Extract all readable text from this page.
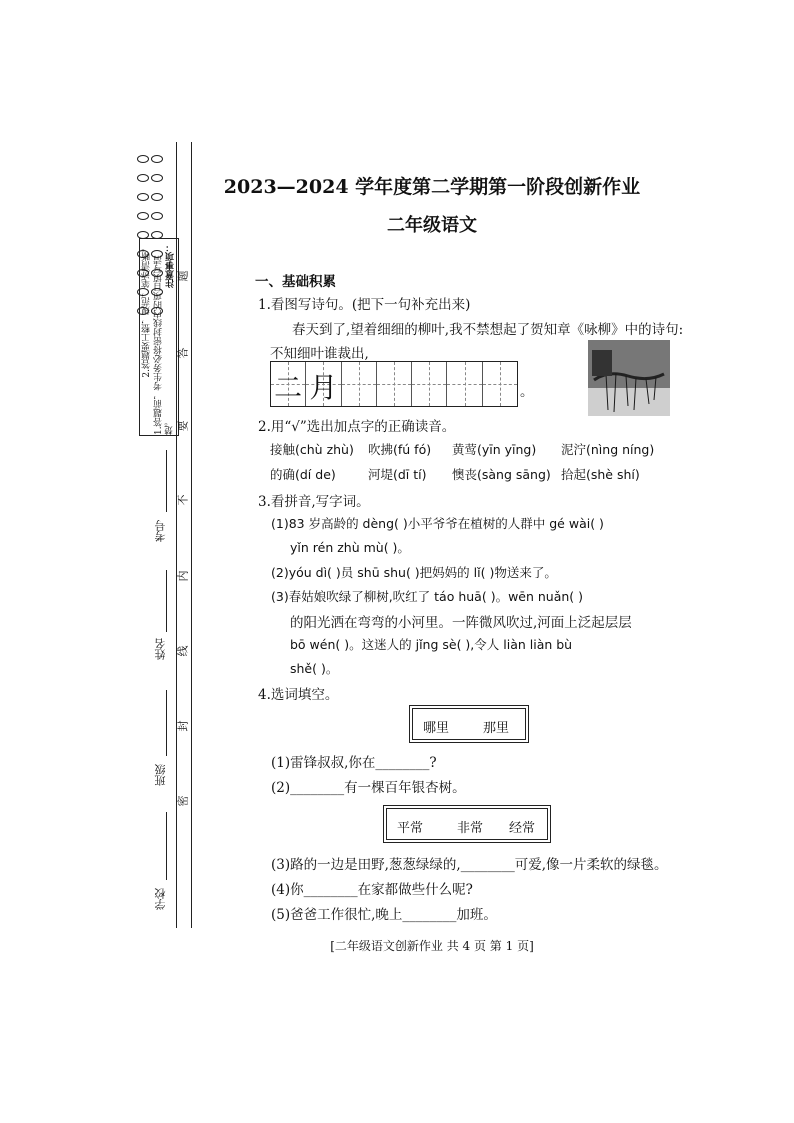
注意事项：
1.答题前，考生务必将密封线内的项目填写清楚。
2.答题要工整，规范，笔迹清晰。 题
答
要
不
内
线
封
密
考号
姓名
班级
学校
2023—2024 学年度第二学期第一阶段创新作业
二年级语文
一、基础积累
1.看图写诗句。(把下一句补充出来)
春天到了,望着细细的柳叶,我不禁想起了贺知章《咏柳》中的诗句:
不知细叶谁裁出,
二 月	。
2.用“√”选出加点字的正确读音。
接触(chù zhù) 吹拂(fú fó) 黄莺(yīn yīng) 泥泞(nìng níng)
的确(dí de)	河堤(dī tí) 懊丧(sàng sāng) 拾起(shè shí)
3.看拼音,写字词。
(1)83 岁高龄的 dèng( )小平爷爷在植树的人群中 gé wài( )
yǐn rén zhù mù( )。
(2)yóu dì( )员 shū shu( )把妈妈的 lǐ( )物送来了。
(3)春姑娘吹绿了柳树,吹红了 táo huā( )。wēn nuǎn( )
的阳光洒在弯弯的小河里。一阵微风吹过,河面上泛起层层
bō wén( )。这迷人的 jǐng sè( ),令人 liàn liàn bù
shě( )。
4.选词填空。
哪里	那里
(1)雷锋叔叔,你在________?
(2)________有一棵百年银杏树。
平常	非常 经常
(3)路的一边是田野,葱葱绿绿的,________可爱,像一片柔软的绿毯。
(4)你________在家都做些什么呢?
(5)爸爸工作很忙,晚上________加班。
[二年级语文创新作业 共 4 页 第 1 页]
